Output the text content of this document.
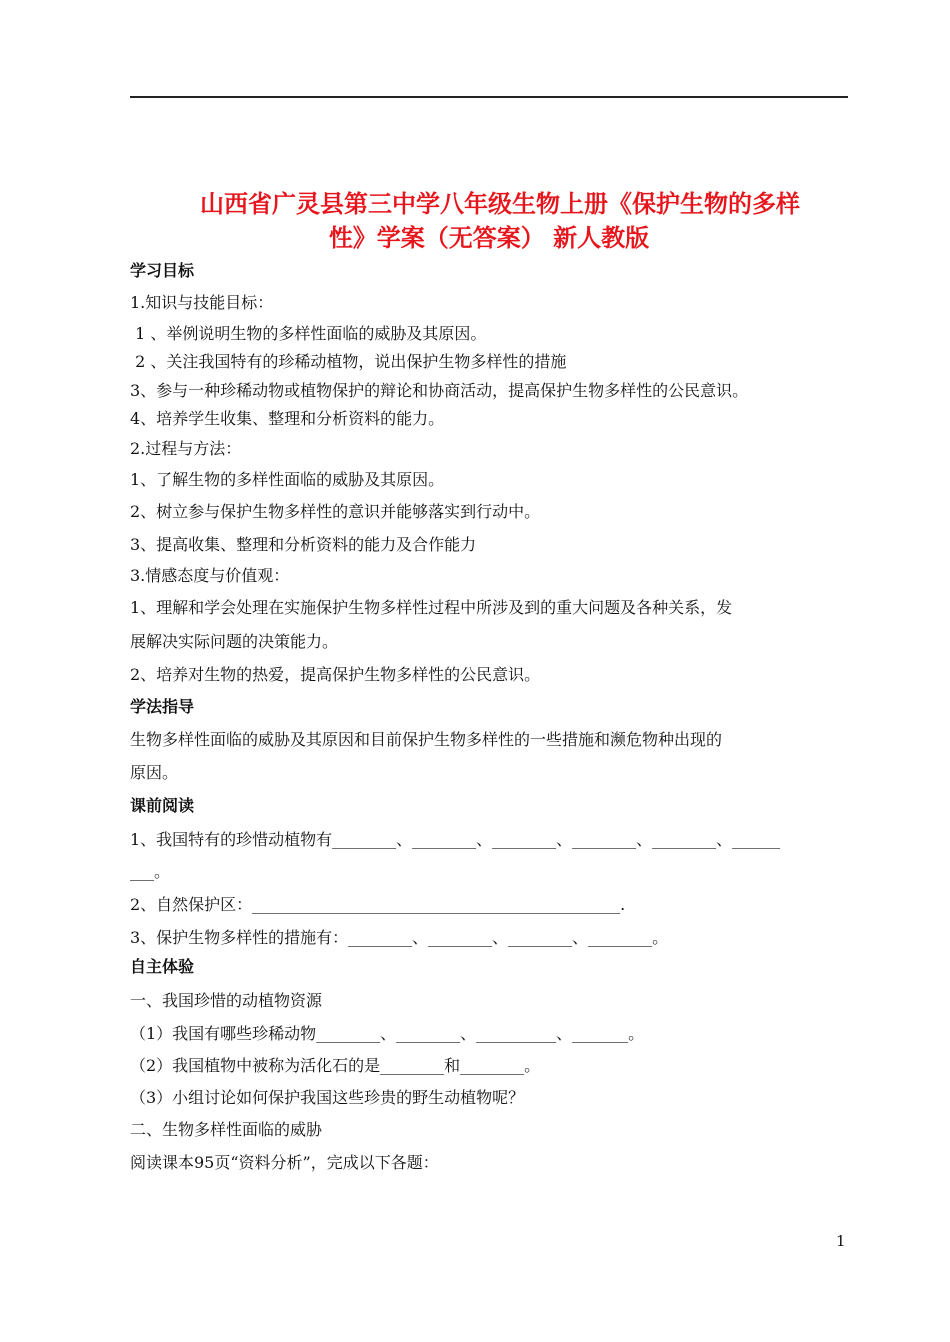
山西省广灵县第三中学八年级生物上册《保护生物的多样
性》学案（无答案） 新人教版
学习目标
1.知识与技能目标：
1 、举例说明生物的多样性面临的威胁及其原因。
2 、关注我国特有的珍稀动植物，说出保护生物多样性的措施
3、参与一种珍稀动物或植物保护的辩论和协商活动，提高保护生物多样性的公民意识。
4、培养学生收集、整理和分析资料的能力。
2.过程与方法：
1、了解生物的多样性面临的威胁及其原因。
2、树立参与保护生物多样性的意识并能够落实到行动中。
3、提高收集、整理和分析资料的能力及合作能力
3.情感态度与价值观：
1、理解和学会处理在实施保护生物多样性过程中所涉及到的重大问题及各种关系，发
展解决实际问题的决策能力。
2、培养对生物的热爱，提高保护生物多样性的公民意识。
学法指导
生物多样性面临的威胁及其原因和目前保护生物多样性的一些措施和濒危物种出现的
原因。
课前阅读
1、我国特有的珍惜动植物有________、________、________、________、________、______
___。
2、自然保护区：______________________________________________.
3、保护生物多样性的措施有：________、________、________、________。
自主体验
一、我国珍惜的动植物资源
（1）我国有哪些珍稀动物________、________、__________、_______。
（2）我国植物中被称为活化石的是________和________。
（3）小组讨论如何保护我国这些珍贵的野生动植物呢？
二、生物多样性面临的威胁
阅读课本95页“资料分析”，完成以下各题：
1
